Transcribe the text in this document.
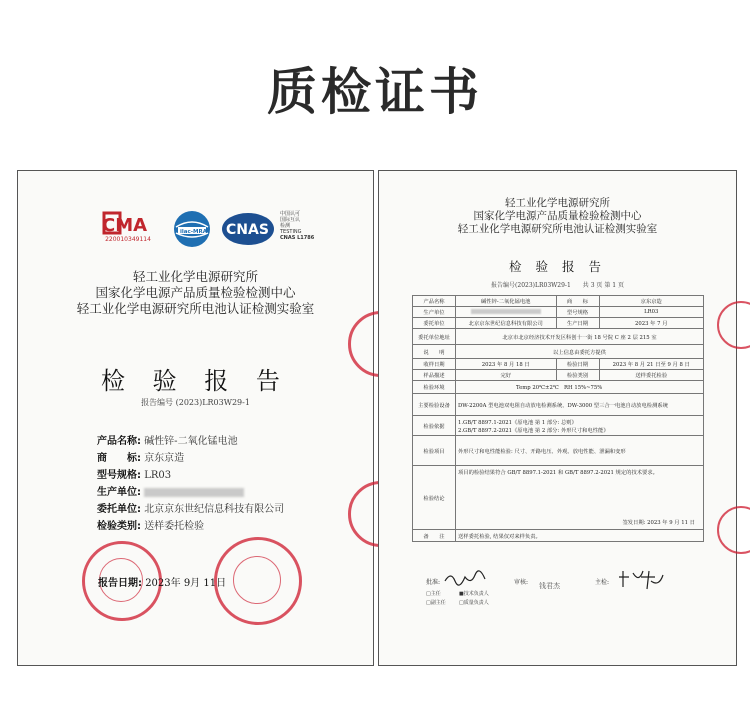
质检证书
CMA
220010349114
ilac-MRA CNAS
中国认可
国际互认
检测
TESTING
CNAS L1786
轻工业化学电源研究所
国家化学电源产品质量检验检测中心
轻工业化学电源研究所电池认证检测实验室
检 验 报 告
报告编号 (2023)LR03W29-1
产品名称: 碱性锌-二氧化锰电池
商　　标: 京东京造
型号规格: LR03
生产单位:
委托单位: 北京京东世纪信息科技有限公司
检验类别: 送样委托检验
报告日期: 2023年 9月 11日
轻工业化学电源研究所
国家化学电源产品质量检验检测中心
轻工业化学电源研究所电池认证检测实验室
检 验 报 告
报告编号(2023)LR03W29-1　　共 3 页 第 1 页
产品名称	碱性锌-二氧化锰电池	商　　标	京东京造
生产单位		型号规格	LR03
委托单位	北京京东世纪信息科技有限公司	生产日期	2023 年 7 月
委托单位地址	北京市北京经济技术开发区科创十一街 18 号院 C 座 2 层 215 室		
说　　明	以上信息由委托方提供		
收样日期	2023 年 8 月 18 日	检验日期	2023 年 8 月 21 日至 9 月 8 日
样品描述	完好	检验类别	送样委托检验
检验环境	Temp 20℃±2℃　RH 15%~75%		
主要检验设备	DW-2200A 型电池双电阻自动放电检测系统、DW-3000 型三合一电池自动放电检测系统		
检验依据	1.GB/T 8897.1-2021《原电池 第 1 部分: 总则》
2.GB/T 8897.2-2021《原电池 第 2 部分: 外形尺寸和电性能》		

检验项目	外形尺寸和电性能检验: 尺寸、开路电压、外观、放电性能、泄漏和变形		
检验结论	项目的检验结果符合 GB/T 8897.1-2021 和 GB/T 8897.2-2021 规定的技术要求。
签发日期: 2023 年 9 月 11 日		

备　　注	送样委托检验, 结果仅对来样负责。		
批准:	审核: 钱君杰	主检:
□主任	■技术负责人
□副主任	□质量负责人
